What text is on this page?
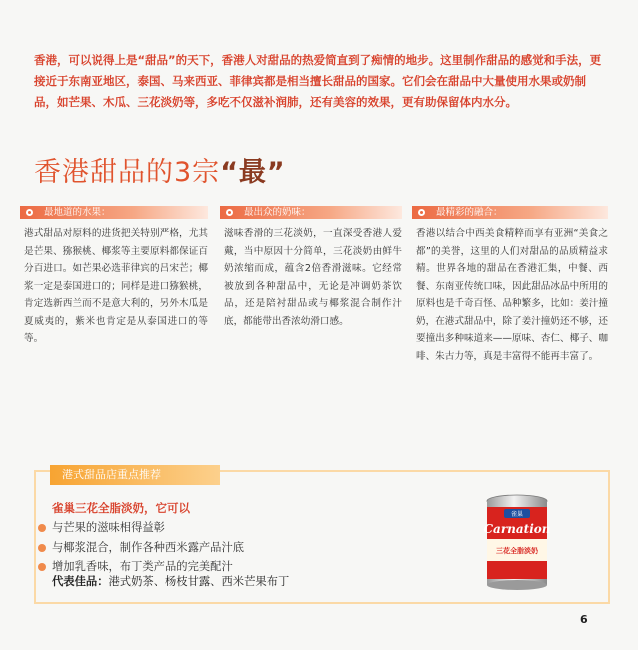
香港，可以说得上是“甜品”的天下，香港人对甜品的热爱简直到了痴情的地步。这里制作甜品的感觉和手法，更接近于东南亚地区，泰国、马来西亚、菲律宾都是相当擅长甜品的国家。它们会在甜品中大量使用水果或奶制品，如芒果、木瓜、三花淡奶等，多吃不仅滋补润肺，还有美容的效果，更有助保留体内水分。

香港甜品的3宗“最”
最地道的水果：

港式甜品对原料的进货把关特别严格，尤其是芒果、猕猴桃、椰浆等主要原料都保证百分百进口。如芒果必选菲律宾的吕宋芒；椰浆一定是泰国进口的；同样是进口猕猴桃，肯定选新西兰而不是意大利的，另外木瓜是夏威夷的，紫米也肯定是从泰国进口的等等。

最出众的奶味：

滋味香滑的三花淡奶，一直深受香港人爱戴，当中原因十分简单，三花淡奶由鲜牛奶浓缩而成，蕴含2倍香滑滋味。它经常被放到各种甜品中，无论是冲调奶茶饮品，还是陪衬甜品或与椰浆混合制作汁底，都能带出香浓幼滑口感。

最精彩的融合：

香港以结合中西美食精粹而享有亚洲“美食之都”的美誉，这里的人们对甜品的品质精益求精。世界各地的甜品在香港汇集，中餐、西餐、东南亚传统口味，因此甜品冰品中所用的原料也是千奇百怪、品种繁多，比如：姜汁撞奶，在港式甜品中，除了姜汁撞奶还不够，还要撞出多种味道来——原味、杏仁、椰子、咖啡、朱古力等，真是丰富得不能再丰富了。

港式甜品店重点推荐

雀巢三花全脂淡奶，它可以

与芒果的滋味相得益彰
与椰浆混合，制作各种西米露产品汁底
增加乳香味，布丁类产品的完美配汁

代表佳品：港式奶茶、杨枝甘露、西米芒果布丁

雀巢
Carnation
三花全脂淡奶
6
